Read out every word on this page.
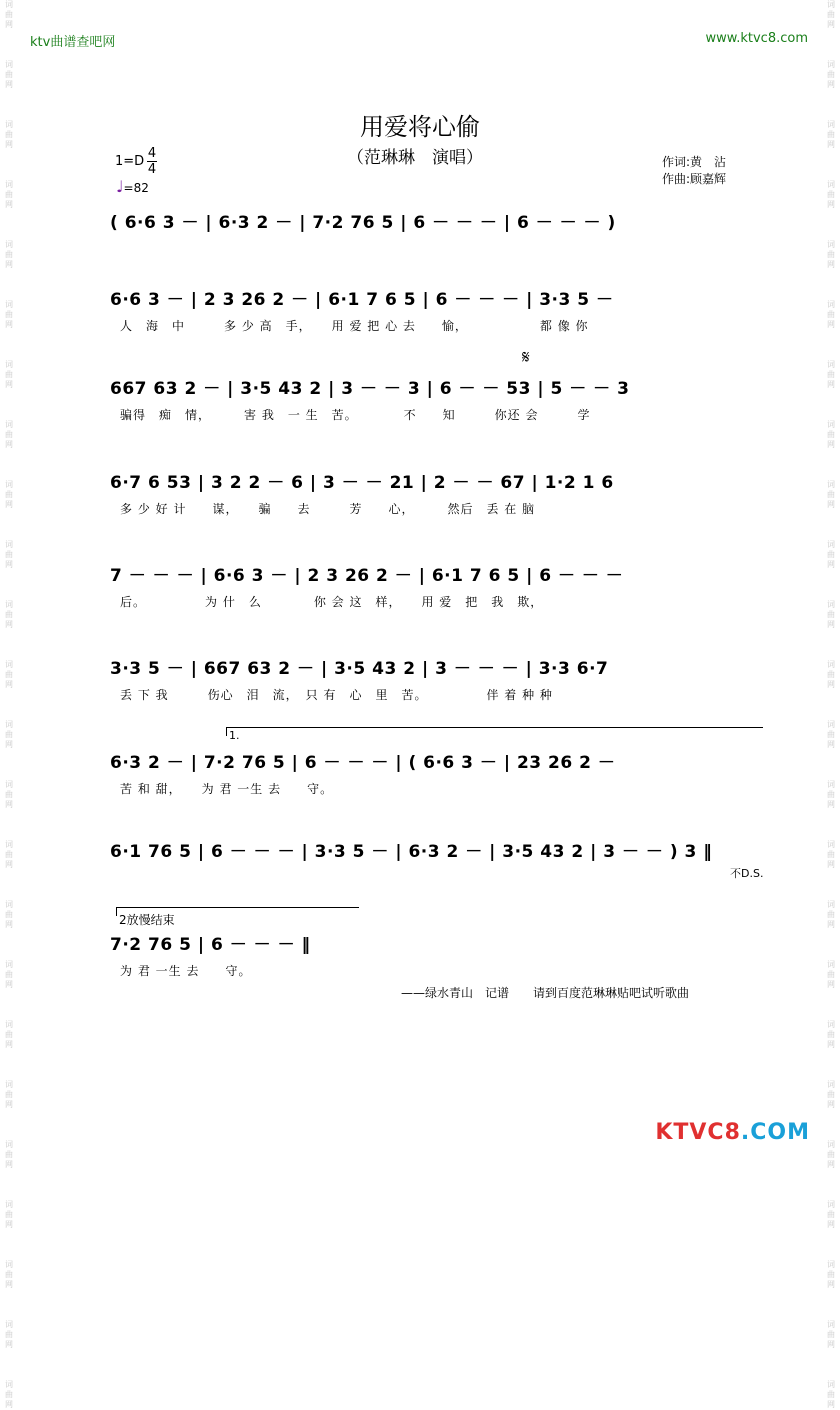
词曲网
词曲网
词曲网
词曲网
词曲网
词曲网
词曲网
词曲网
词曲网
词曲网
词曲网
词曲网
词曲网
词曲网
词曲网
词曲网
词曲网
词曲网
词曲网
词曲网
词曲网
词曲网
词曲网
词曲网
词曲网
词曲网
词曲网
词曲网
词曲网
词曲网
词曲网
词曲网
词曲网
词曲网
词曲网
词曲网
词曲网
词曲网
词曲网
词曲网
词曲网
词曲网
词曲网
词曲网
词曲网
词曲网
词曲网
词曲网
ktv曲谱查吧网	www.ktvc8.com
用爱将心偷
（范琳琳　演唱）
1=D
4
4
♩=82
作词:黄　沾
作曲:顾嘉辉
( 6·6 3 － | 6·3 2 － | 7·2 76 5 | 6 － － － | 6 － － － )
6·6 3 － | 2 3 26 2 － | 6·1 7 6 5 | 6 － － － | 3·3 5 －
人　海　中　　　多 少 高　手，　　用 爱 把 心 去　　愉，　　　　　　都 像 你
667 63 2 － | 3·5 43 2 | 3 － － 3 | 6 － － 53 | 5 － － 3
骗得　痴　情，　　　害 我　一 生　苦。　　　　不　　知　　　你还 会　　　学
𝄋
6·7 6 53 | 3 2 2 － 6 | 3 － － 21 | 2 － － 67 | 1·2 1 6
多 少 好 计　　谋，　　骗　　去　　　芳　　心，　　　然后　丢 在 脑
7 － － － | 6·6 3 － | 2 3 26 2 － | 6·1 7 6 5 | 6 － － －
后。　　　　　为 什　么　　　　你 会 这　样，　　用 爱　把　我　欺，
3·3 5 － | 667 63 2 － | 3·5 43 2 | 3 － － － | 3·3 6·7
丢 下 我　　　伤心　泪　流，　只 有　心　里　苦。　　　　　伴 着 种 种
1.
6·3 2 － | 7·2 76 5 | 6 － － － | ( 6·6 3 － | 23 26 2 －
苦 和 甜，　　为 君 一生 去　　守。
6·1 76 5 | 6 － － － | 3·3 5 － | 6·3 2 － | 3·5 43 2 | 3 － － ) 3 ‖
不D.S.
2放慢结束
7·2 76 5 | 6 － － － ‖
为 君 一生 去　　守。
——绿水青山　记谱　　请到百度范琳琳贴吧试听歌曲
KTVC8.COM
